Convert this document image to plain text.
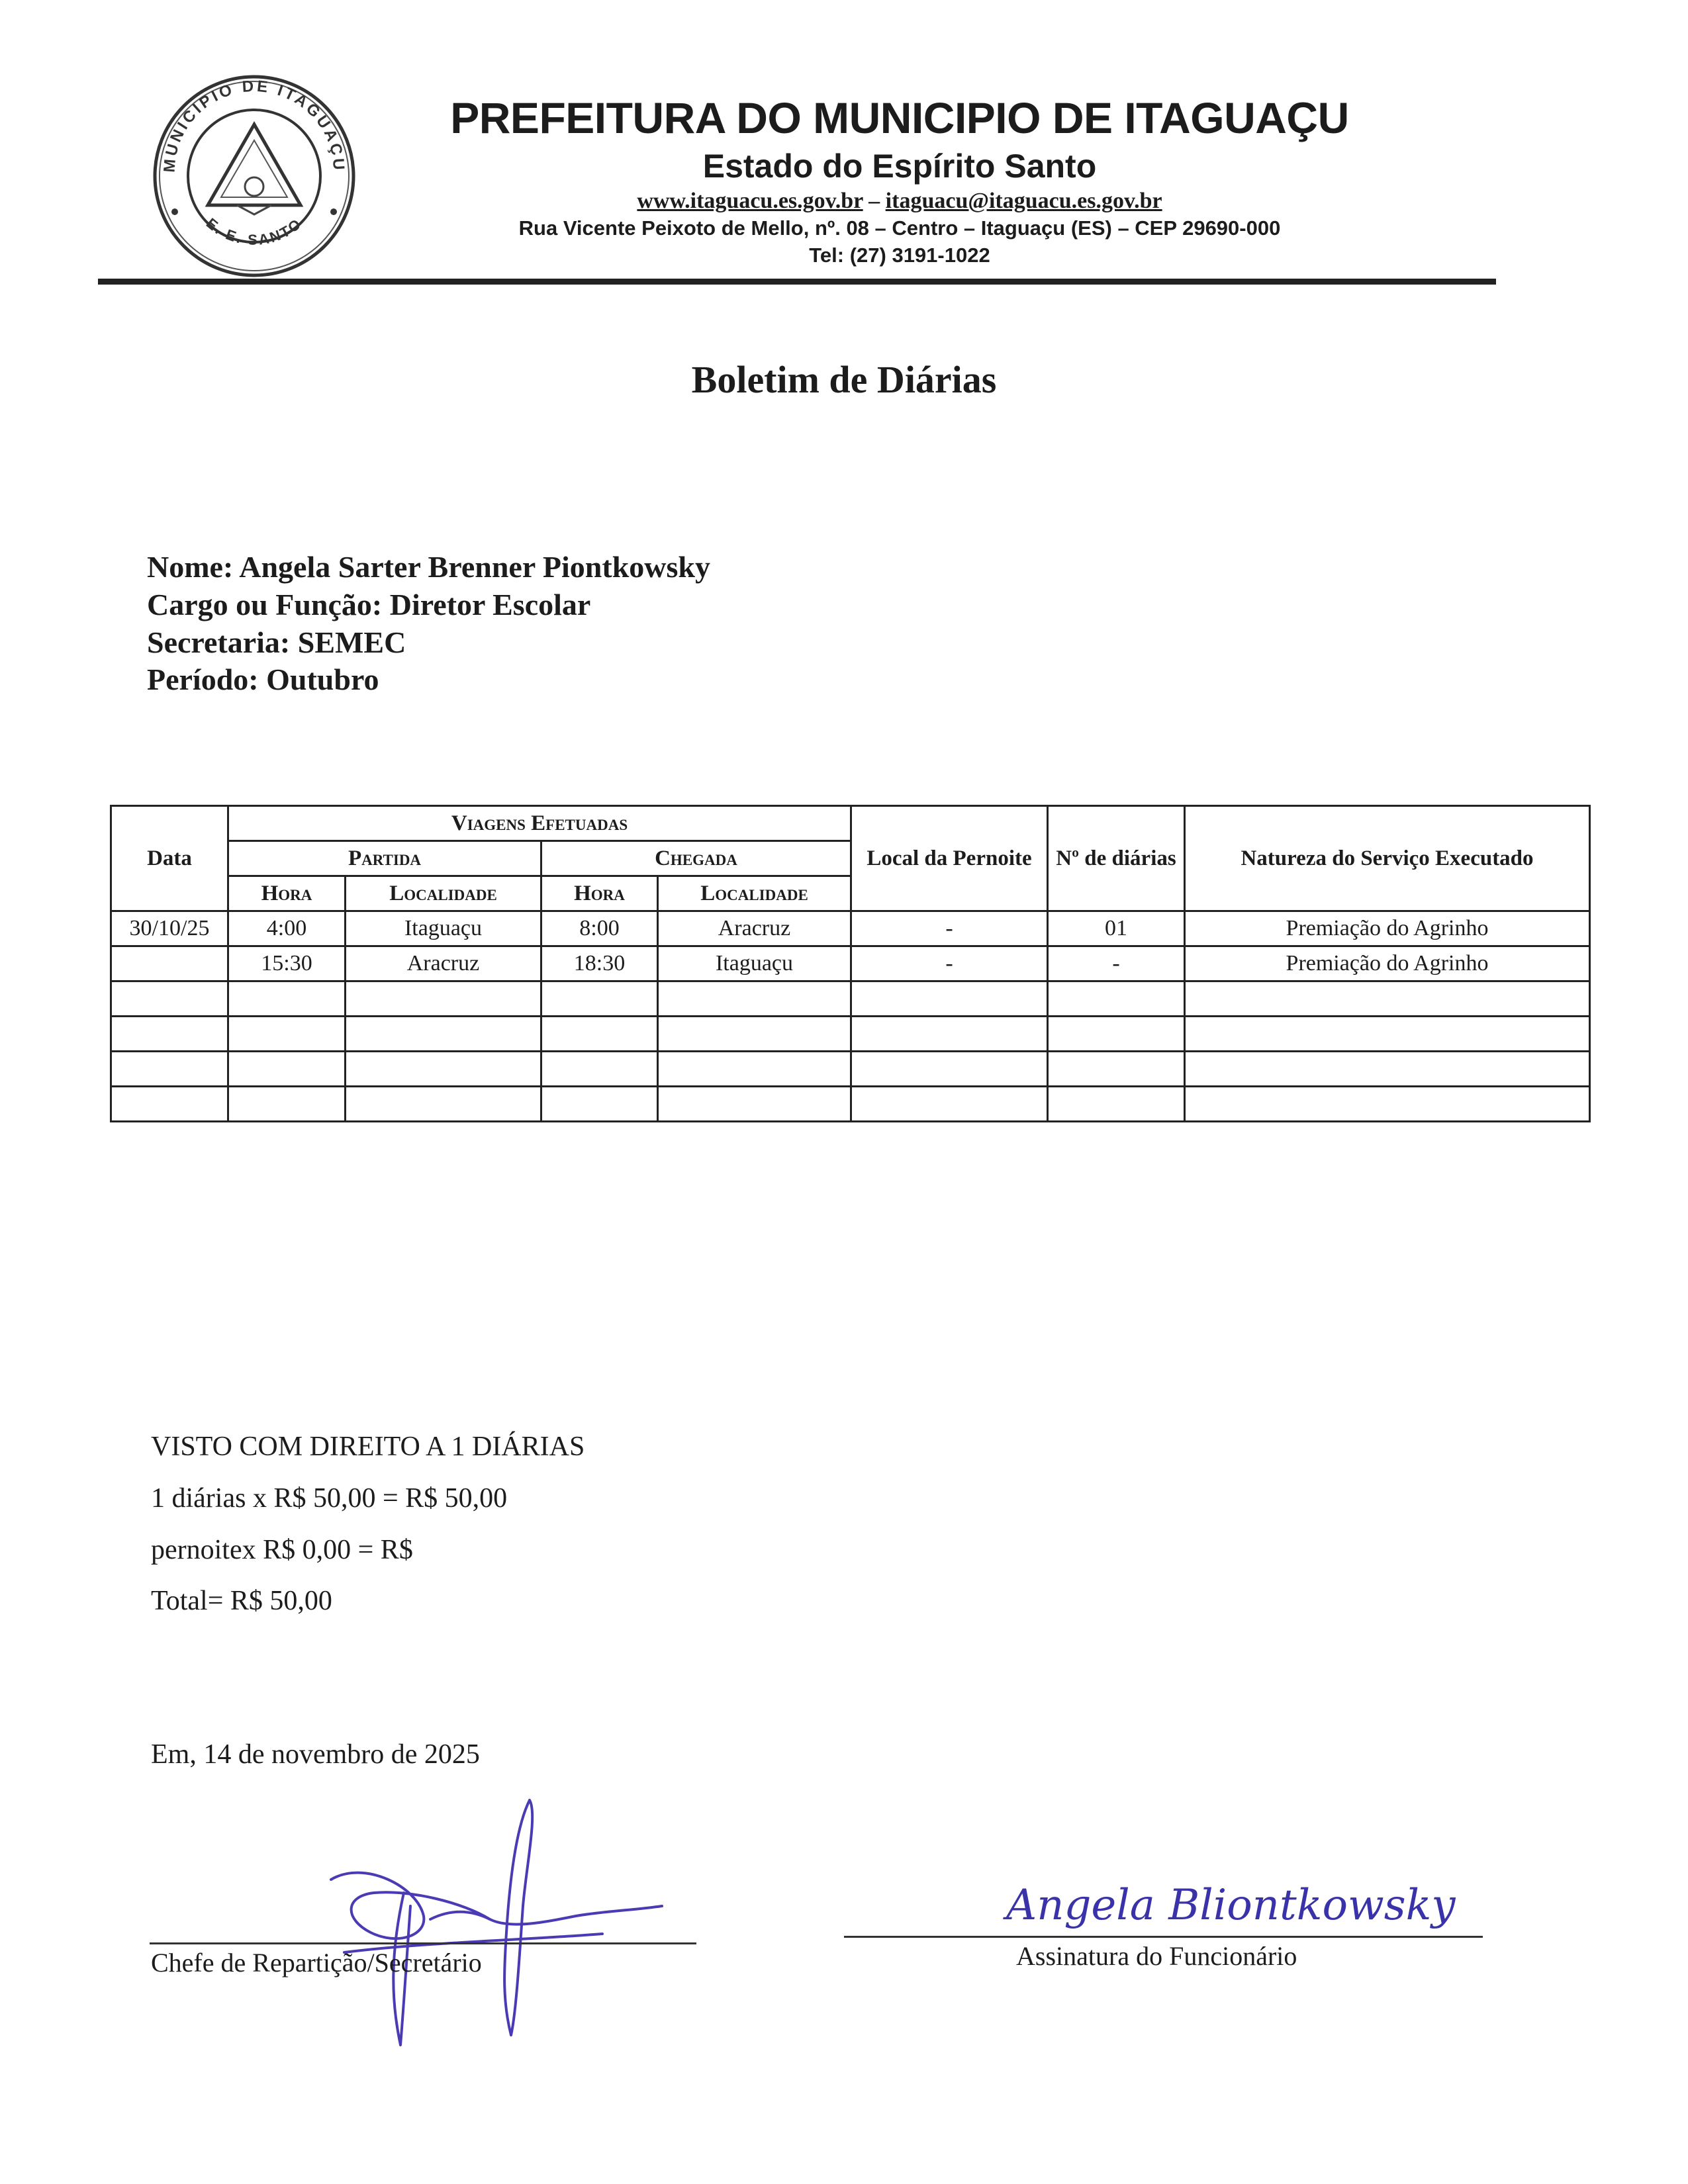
MUNICIPIO DE ITAGUAÇU
E. E. SANTO
PREFEITURA DO MUNICIPIO DE ITAGUAÇU
Estado do Espírito Santo
www.itaguacu.es.gov.br – itaguacu@itaguacu.es.gov.br
Rua Vicente Peixoto de Mello, nº. 08 – Centro – Itaguaçu (ES) – CEP 29690-000
Tel: (27) 3191-1022
Boletim de Diárias
Nome: Angela Sarter Brenner Piontkowsky
Cargo ou Função: Diretor Escolar
Secretaria: SEMEC
Período: Outubro
Data	Viagens Efetuadas				Local da Pernoite	Nº de diárias	Natureza do Serviço Executado
	Partida		Chegada				
	Hora	Localidade	Hora	Localidade			
30/10/25	4:00	Itaguaçu	8:00	Aracruz	-	01	Premiação do Agrinho
	15:30	Aracruz	18:30	Itaguaçu	-	-	Premiação do Agrinho

VISTO COM DIREITO A 1 DIÁRIAS
1 diárias x R$ 50,00 = R$ 50,00
pernoitex R$ 0,00 = R$
Total= R$ 50,00
Em, 14 de novembro de 2025
Chefe de Repartição/Secretário
Angela Bliontkowsky
Assinatura do Funcionário
